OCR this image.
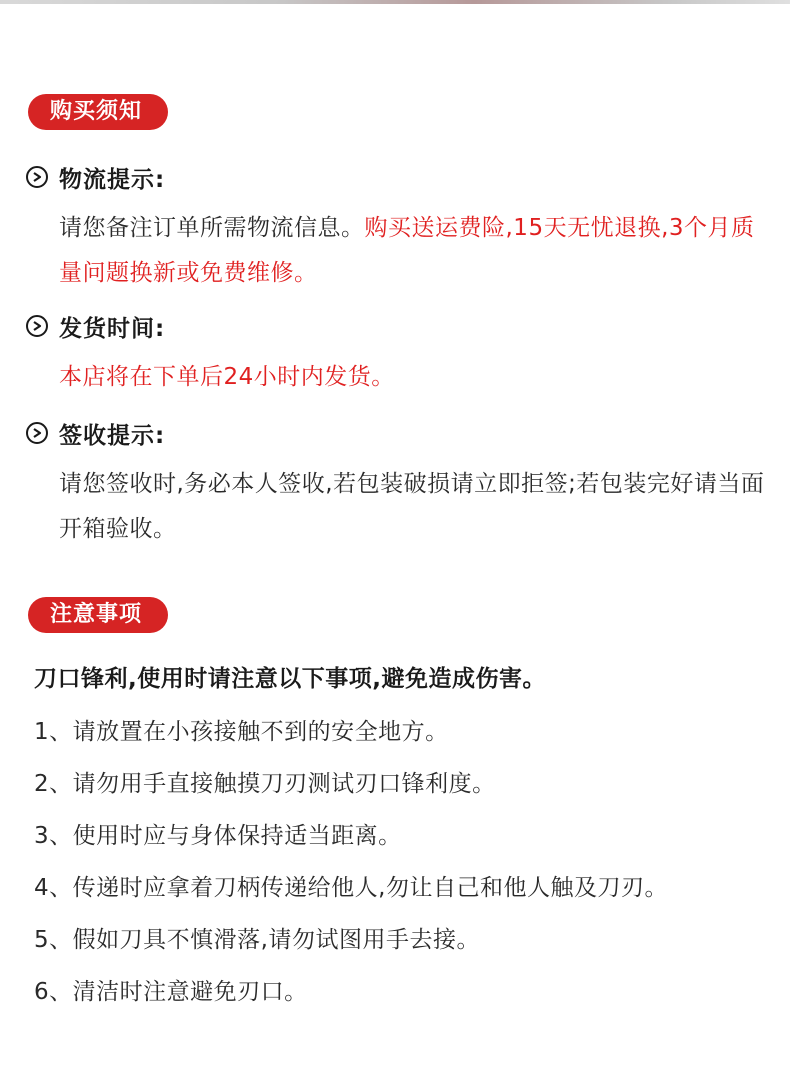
购买须知
物流提示:
请您备注订单所需物流信息。购买送运费险,15天无忧退换,3个月质量问题换新或免费维修。
发货时间:
本店将在下单后24小时内发货。
签收提示:
请您签收时,务必本人签收,若包装破损请立即拒签;若包装完好请当面开箱验收。
注意事项
刀口锋利,使用时请注意以下事项,避免造成伤害。
1、请放置在小孩接触不到的安全地方。
2、请勿用手直接触摸刀刃测试刃口锋利度。
3、使用时应与身体保持适当距离。
4、传递时应拿着刀柄传递给他人,勿让自己和他人触及刀刃。
5、假如刀具不慎滑落,请勿试图用手去接。
6、清洁时注意避免刃口。
